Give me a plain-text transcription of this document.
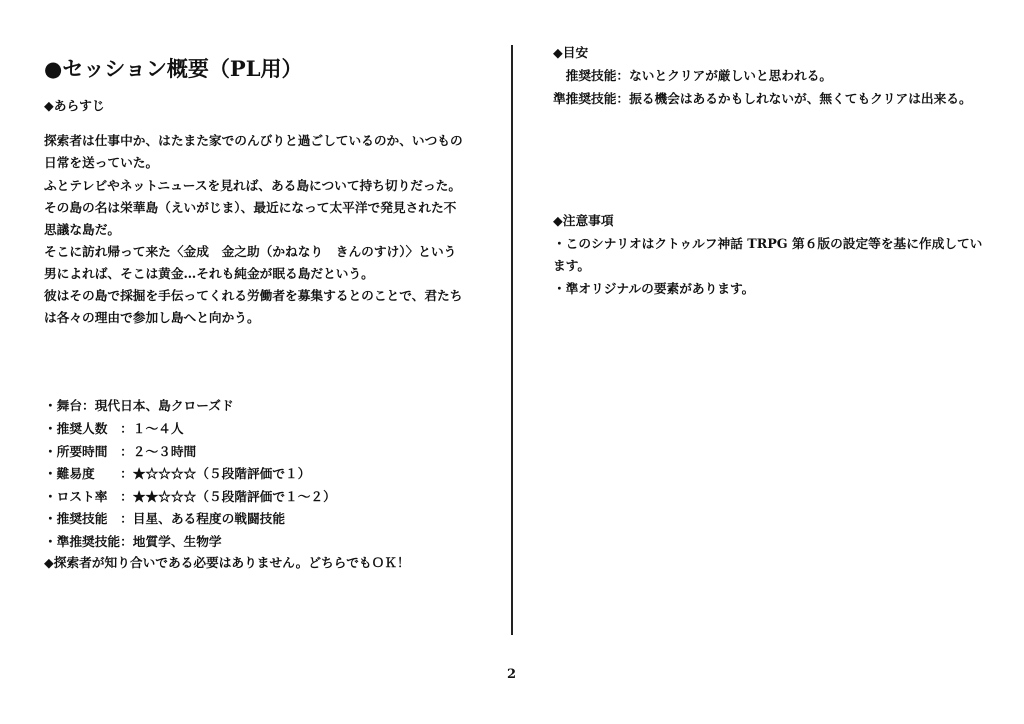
●セッション概要（PL用）
◆あらすじ
探索者は仕事中か、はたまた家でのんびりと過ごしているのか、いつもの
日常を送っていた。
ふとテレビやネットニュースを見れば、ある島について持ち切りだった。
その島の名は栄華島（えいがじま）、最近になって太平洋で発見された不
思議な島だ。
そこに訪れ帰って来た〈金成　金之助（かねなり　きんのすけ）〉という
男によれば、そこは黄金…それも純金が眠る島だという。
彼はその島で採掘を手伝ってくれる労働者を募集するとのことで、君たち
は各々の理由で参加し島へと向かう。
・舞台：現代日本、島クローズド
・推奨人数　：１～４人
・所要時間　：２～３時間
・難易度　　：★☆☆☆☆（５段階評価で１）
・ロスト率　：★★☆☆☆（５段階評価で１～２）
・推奨技能　：目星、ある程度の戦闘技能
・準推奨技能：地質学、生物学
◆探索者が知り合いである必要はありません。どちらでもＯＫ！
◆目安
　推奨技能：ないとクリアが厳しいと思われる。
準推奨技能：振る機会はあるかもしれないが、無くてもクリアは出来る。
◆注意事項
・このシナリオはクトゥルフ神話 TRPG 第６版の設定等を基に作成してい
ます。
・準オリジナルの要素があります。
2
